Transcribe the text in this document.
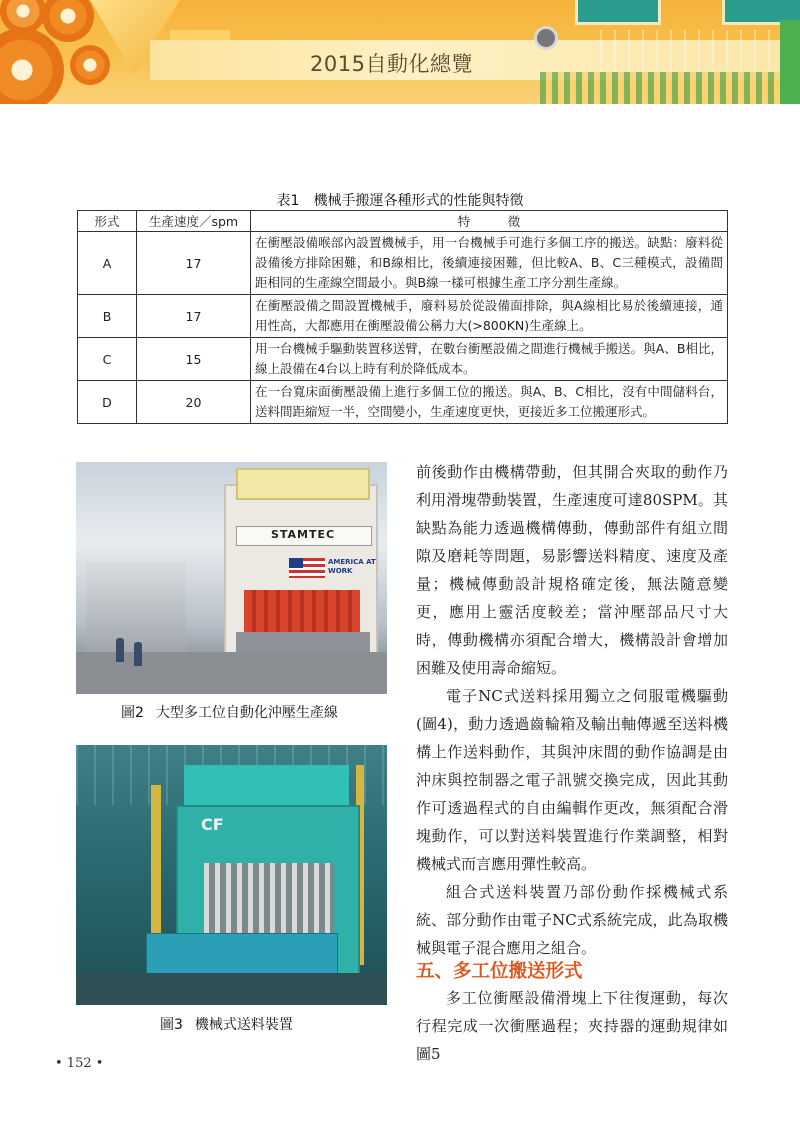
2015自動化總覽
表1 機械手搬運各種形式的性能與特徵
形式	生產速度／spm	特　　　徵
A	17	在衝壓設備喉部內設置機械手，用一台機械手可進行多個工序的搬送。缺點：廢料從設備後方排除困難，和B線相比，後續連接困難，但比較A、B、C三種模式，設備間距相同的生產線空間最小。與B線一樣可根據生產工序分割生產線。
B	17	在衝壓設備之間設置機械手，廢料易於從設備面排除，與A線相比易於後續連接，通用性高，大都應用在衝壓設備公稱力大(>800KN)生產線上。
C	15	用一台機械手驅動裝置移送臂，在數台衝壓設備之間進行機械手搬送。與A、B相比，線上設備在4台以上時有利於降低成本。
D	20	在一台寬床面衝壓設備上進行多個工位的搬送。與A、B、C相比，沒有中間儲料台，送料間距縮短一半，空間變小，生產速度更快，更接近多工位搬運形式。
STAMTEC
AMERICA AT WORK
圖2 大型多工位自動化沖壓生產線
CF
圖3 機械式送料裝置

前後動作由機構帶動，但其開合夾取的動作乃利用滑塊帶動裝置，生產速度可達80SPM。其缺點為能力透過機構傳動，傳動部件有組立間隙及磨耗等問題，易影響送料精度、速度及產量；機械傳動設計規格確定後，無法隨意變更，應用上靈活度較差；當沖壓部品尺寸大時，傳動機構亦須配合增大，機構設計會增加困難及使用壽命縮短。

電子NC式送料採用獨立之伺服電機驅動(圖4)，動力透過齒輪箱及輸出軸傳遞至送料機構上作送料動作，其與沖床間的動作協調是由沖床與控制器之電子訊號交換完成，因此其動作可透過程式的自由編輯作更改，無須配合滑塊動作，可以對送料裝置進行作業調整，相對機械式而言應用彈性較高。

組合式送料裝置乃部份動作採機械式系統、部分動作由電子NC式系統完成，此為取機械與電子混合應用之組合。

五、多工位搬送形式

多工位衝壓設備滑塊上下往復運動，每次行程完成一次衝壓過程；夾持器的運動規律如圖5

• 152 •
